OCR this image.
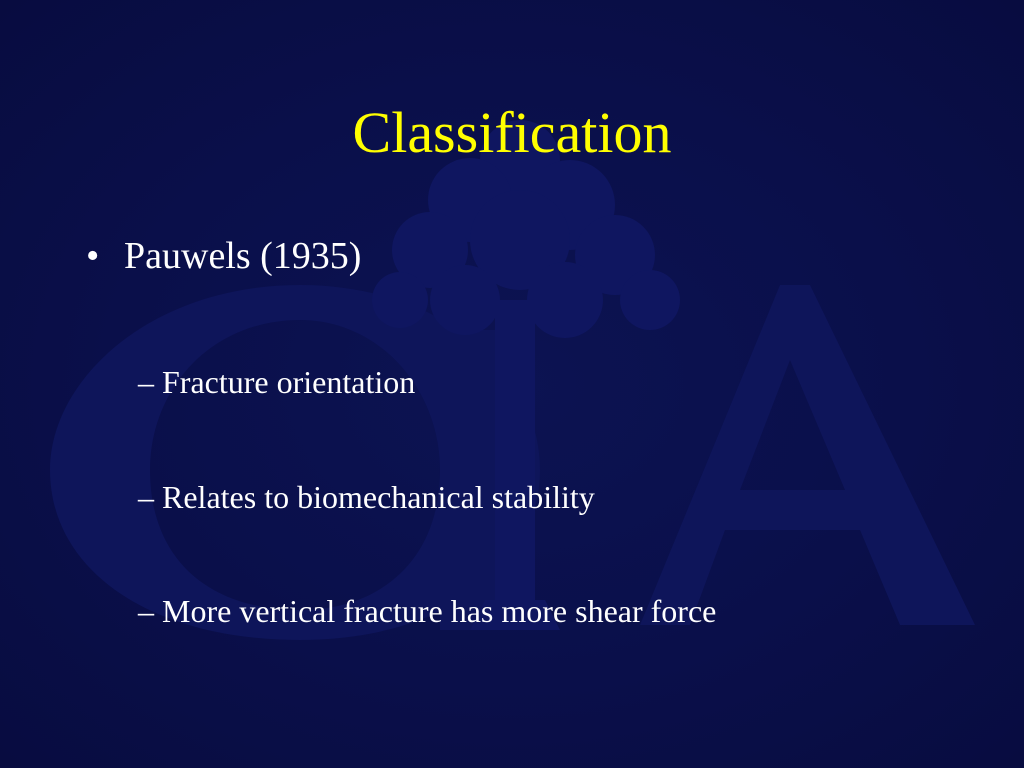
Classification
• Pauwels (1935)
– Fracture orientation
– Relates to biomechanical stability
– More vertical fracture has more shear force
